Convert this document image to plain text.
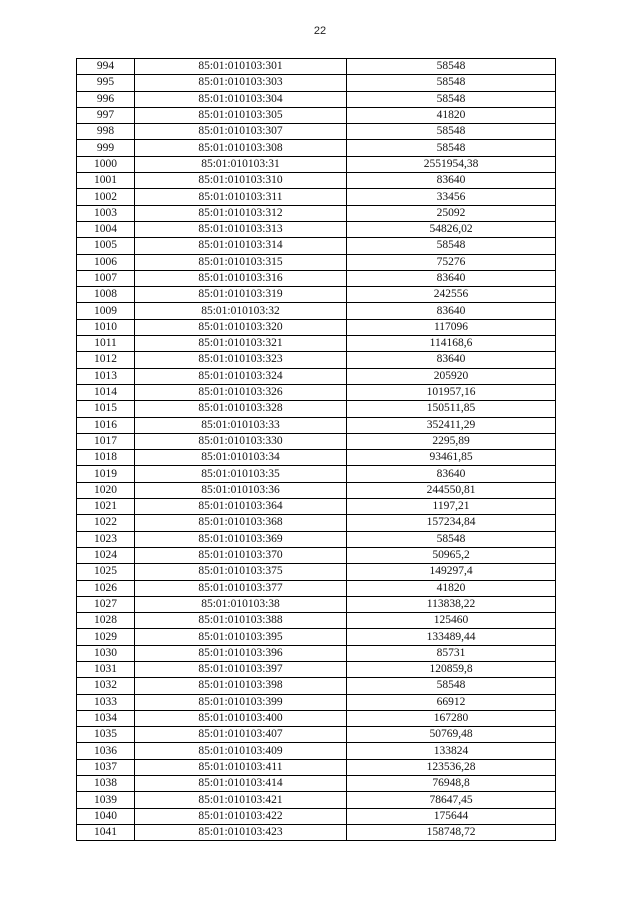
22
994	85:01:010103:301	58548
995	85:01:010103:303	58548
996	85:01:010103:304	58548
997	85:01:010103:305	41820
998	85:01:010103:307	58548
999	85:01:010103:308	58548
1000	85:01:010103:31	2551954,38
1001	85:01:010103:310	83640
1002	85:01:010103:311	33456
1003	85:01:010103:312	25092
1004	85:01:010103:313	54826,02
1005	85:01:010103:314	58548
1006	85:01:010103:315	75276
1007	85:01:010103:316	83640
1008	85:01:010103:319	242556
1009	85:01:010103:32	83640
1010	85:01:010103:320	117096
1011	85:01:010103:321	114168,6
1012	85:01:010103:323	83640
1013	85:01:010103:324	205920
1014	85:01:010103:326	101957,16
1015	85:01:010103:328	150511,85
1016	85:01:010103:33	352411,29
1017	85:01:010103:330	2295,89
1018	85:01:010103:34	93461,85
1019	85:01:010103:35	83640
1020	85:01:010103:36	244550,81
1021	85:01:010103:364	1197,21
1022	85:01:010103:368	157234,84
1023	85:01:010103:369	58548
1024	85:01:010103:370	50965,2
1025	85:01:010103:375	149297,4
1026	85:01:010103:377	41820
1027	85:01:010103:38	113838,22
1028	85:01:010103:388	125460
1029	85:01:010103:395	133489,44
1030	85:01:010103:396	85731
1031	85:01:010103:397	120859,8
1032	85:01:010103:398	58548
1033	85:01:010103:399	66912
1034	85:01:010103:400	167280
1035	85:01:010103:407	50769,48
1036	85:01:010103:409	133824
1037	85:01:010103:411	123536,28
1038	85:01:010103:414	76948,8
1039	85:01:010103:421	78647,45
1040	85:01:010103:422	175644
1041	85:01:010103:423	158748,72
